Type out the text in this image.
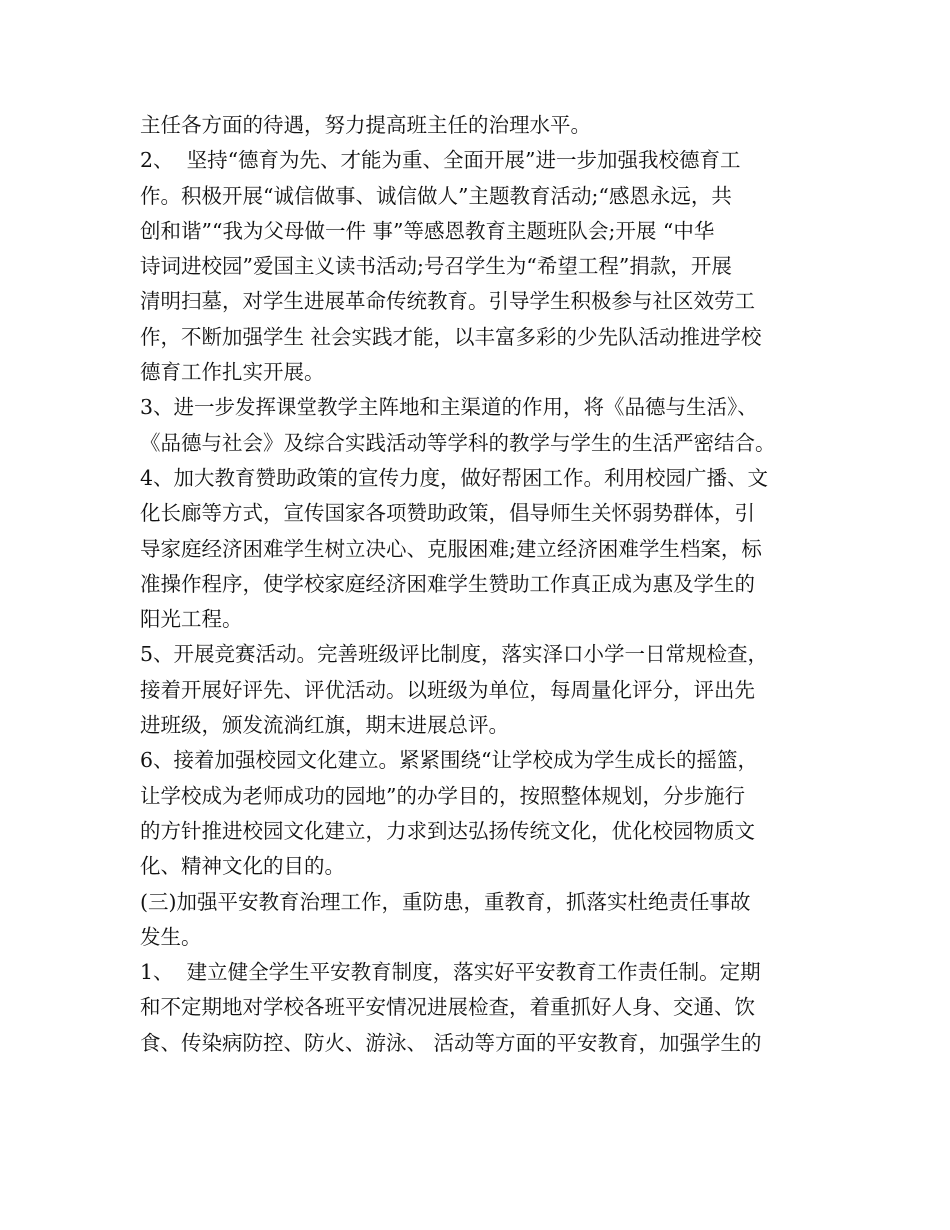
主任各方面的待遇，努力提高班主任的治理水平。
2、  坚持“德育为先、才能为重、全面开展”进一步加强我校德育工
作。积极开展“诚信做事、诚信做人”主题教育活动;“感恩永远，共
创和谐”“我为父母做一件 事”等感恩教育主题班队会;开展 “中华
诗词进校园”爱国主义读书活动;号召学生为“希望工程”捐款，开展
清明扫墓，对学生进展革命传统教育。引导学生积极参与社区效劳工
作，不断加强学生 社会实践才能，以丰富多彩的少先队活动推进学校
德育工作扎实开展。
3、进一步发挥课堂教学主阵地和主渠道的作用，将《品德与生活》、
《品德与社会》及综合实践活动等学科的教学与学生的生活严密结合。
4、加大教育赞助政策的宣传力度，做好帮困工作。利用校园广播、文
化长廊等方式，宣传国家各项赞助政策，倡导师生关怀弱势群体，引
导家庭经济困难学生树立决心、克服困难;建立经济困难学生档案，标
准操作程序，使学校家庭经济困难学生赞助工作真正成为惠及学生的
阳光工程。
5、开展竞赛活动。完善班级评比制度，落实泽口小学一日常规检查，
接着开展好评先、评优活动。以班级为单位，每周量化评分，评出先
进班级，颁发流淌红旗，期末进展总评。
6、接着加强校园文化建立。紧紧围绕“让学校成为学生成长的摇篮，
让学校成为老师成功的园地”的办学目的，按照整体规划，分步施行
的方针推进校园文化建立，力求到达弘扬传统文化，优化校园物质文
化、精神文化的目的。
(三)加强平安教育治理工作，重防患，重教育，抓落实杜绝责任事故
发生。
1、  建立健全学生平安教育制度，落实好平安教育工作责任制。定期
和不定期地对学校各班平安情况进展检查，着重抓好人身、交通、饮
食、传染病防控、防火、游泳、 活动等方面的平安教育，加强学生的
